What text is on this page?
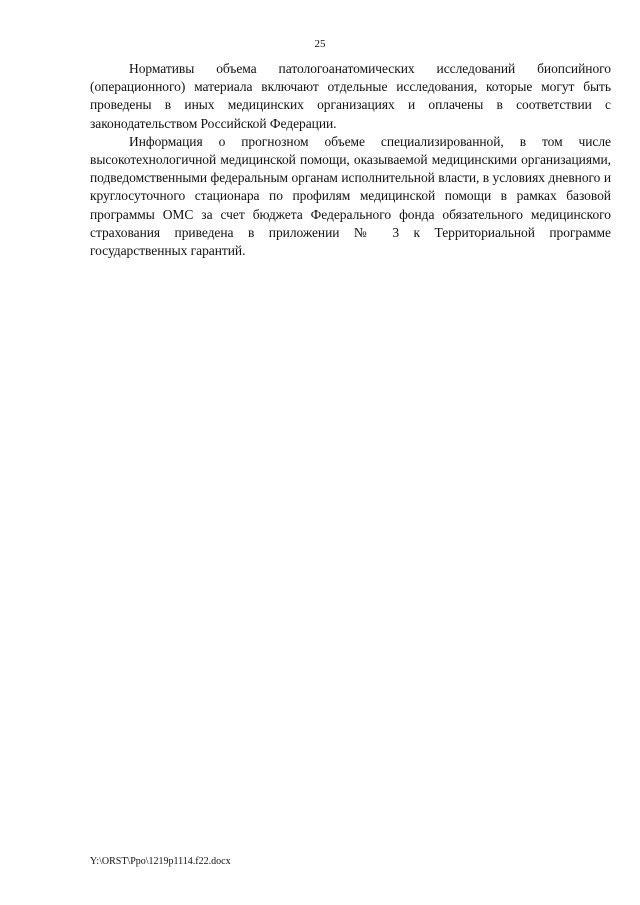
25

Нормативы объема патологоанатомических исследований биопсийного (операционного) материала включают отдельные исследования, которые могут быть проведены в иных медицинских организациях и оплачены в соответствии с законодательством Российской Федерации.

Информация о прогнозном объеме специализированной, в том числе высокотехнологичной медицинской помощи, оказываемой медицинскими организациями, подведомственными федеральным органам исполнительной власти, в условиях дневного и круглосуточного стационара по профилям медицинской помощи в рамках базовой программы ОМС за счет бюджета Федерального фонда обязательного медицинского страхования приведена в приложении № 3 к Территориальной программе государственных гарантий.

Y:\ORST\Ppo\1219p1114.f22.docx
